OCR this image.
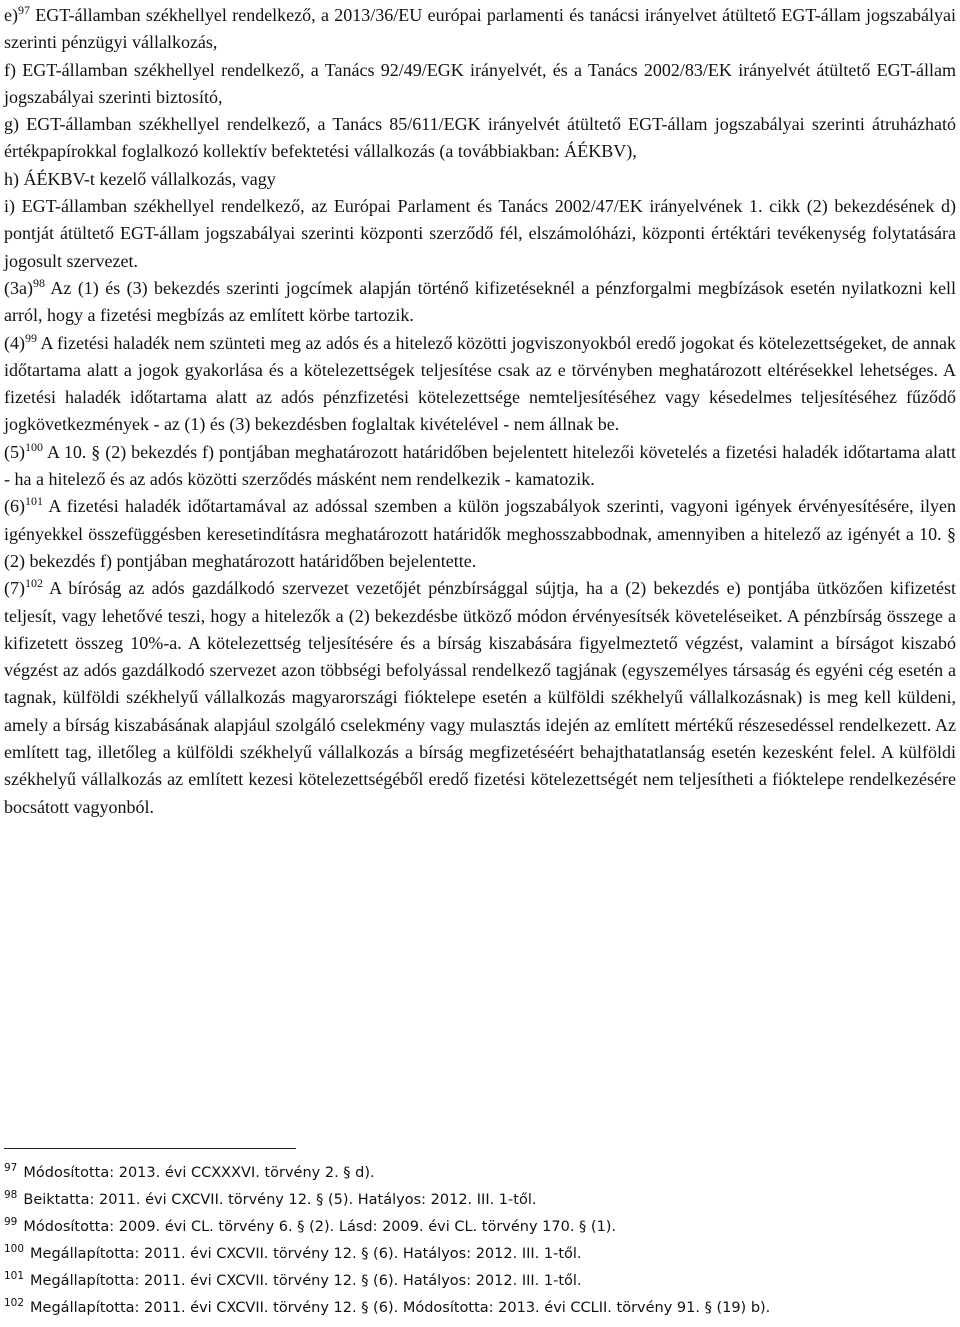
e)$^{97}$ EGT-államban székhellyel rendelkező, a 2013/36/EU európai parlamenti és tanácsi irányelvet átültető EGT-állam jogszabályai szerinti pénzügyi vállalkozás,

f) EGT-államban székhellyel rendelkező, a Tanács 92/49/EGK irányelvét, és a Tanács 2002/83/EK irányelvét átültető EGT-állam jogszabályai szerinti biztosító,

g) EGT-államban székhellyel rendelkező, a Tanács 85/611/EGK irányelvét átültető EGT-állam jogszabályai szerinti átruházható értékpapírokkal foglalkozó kollektív befektetési vállalkozás (a továbbiakban: ÁÉKBV),

h) ÁÉKBV-t kezelő vállalkozás, vagy

i) EGT-államban székhellyel rendelkező, az Európai Parlament és Tanács 2002/47/EK irányelvének 1. cikk (2) bekezdésének d) pontját átültető EGT-állam jogszabályai szerinti központi szerződő fél, elszámolóházi, központi értéktári tevékenység folytatására jogosult szervezet.

$(3a)^{98}$ Az (1) és (3) bekezdés szerinti jogcímek alapján történő kifizetéseknél a pénzforgalmi megbízások esetén nyilatkozni kell arról, hogy a fizetési megbízás az említett körbe tartozik.

$(4)^{99}$ A fizetési haladék nem szünteti meg az adós és a hitelező közötti jogviszonyokból eredő jogokat és kötelezettségeket, de annak időtartama alatt a jogok gyakorlása és a kötelezettségek teljesítése csak az e törvényben meghatározott eltérésekkel lehetséges. A fizetési haladék időtartama alatt az adós pénzfizetési kötelezettsége nemteljesítéséhez vagy késedelmes teljesítéséhez fűződő jogkövetkezmények - az (1) és (3) bekezdésben foglaltak kivételével - nem állnak be.

$(5)^{100}$ A 10. § (2) bekezdés f) pontjában meghatározott határidőben bejelentett hitelezői követelés a fizetési haladék időtartama alatt - ha a hitelező és az adós közötti szerződés másként nem rendelkezik - kamatozik.

$(6)^{101}$ A fizetési haladék időtartamával az adóssal szemben a külön jogszabályok szerinti, vagyoni igények érvényesítésére, ilyen igényekkel összefüggésben keresetindításra meghatározott határidők meghosszabbodnak, amennyiben a hitelező az igényét a 10. § (2) bekezdés f) pontjában meghatározott határidőben bejelentette.

$(7)^{102}$ A bíróság az adós gazdálkodó szervezet vezetőjét pénzbírsággal sújtja, ha a (2) bekezdés e) pontjába ütközően kifizetést teljesít, vagy lehetővé teszi, hogy a hitelezők a (2) bekezdésbe ütköző módon érvényesítsék követeléseiket. A pénzbírság összege a kifizetett összeg 10%-a. A kötelezettség teljesítésére és a bírság kiszabására figyelmeztető végzést, valamint a bírságot kiszabó végzést az adós gazdálkodó szervezet azon többségi befolyással rendelkező tagjának (egyszemélyes társaság és egyéni cég esetén a tagnak, külföldi székhelyű vállalkozás magyarországi fióktelepe esetén a külföldi székhelyű vállalkozásnak) is meg kell küldeni, amely a bírság kiszabásának alapjául szolgáló cselekmény vagy mulasztás idején az említett mértékű részesedéssel rendelkezett. Az említett tag, illetőleg a külföldi székhelyű vállalkozás a bírság megfizetéséért behajthatatlanság esetén kezesként felel. A külföldi székhelyű vállalkozás az említett kezesi kötelezettségéből eredő fizetési kötelezettségét nem teljesítheti a fióktelepe rendelkezésére bocsátott vagyonból.

$^{97}$ Módosította: 2013. évi CCXXXVI. törvény 2. § d).
$^{98}$ Beiktatta: 2011. évi CXCVII. törvény 12. § (5). Hatályos: 2012. III. 1-től.
$^{99}$ Módosította: 2009. évi CL. törvény 6. § (2). Lásd: 2009. évi CL. törvény 170. § (1).
$^{100}$ Megállapította: 2011. évi CXCVII. törvény 12. § (6). Hatályos: 2012. III. 1-től.
$^{101}$ Megállapította: 2011. évi CXCVII. törvény 12. § (6). Hatályos: 2012. III. 1-től.
$^{102}$ Megállapította: 2011. évi CXCVII. törvény 12. § (6). Módosította: 2013. évi CCLII. törvény 91. § (19) b).
